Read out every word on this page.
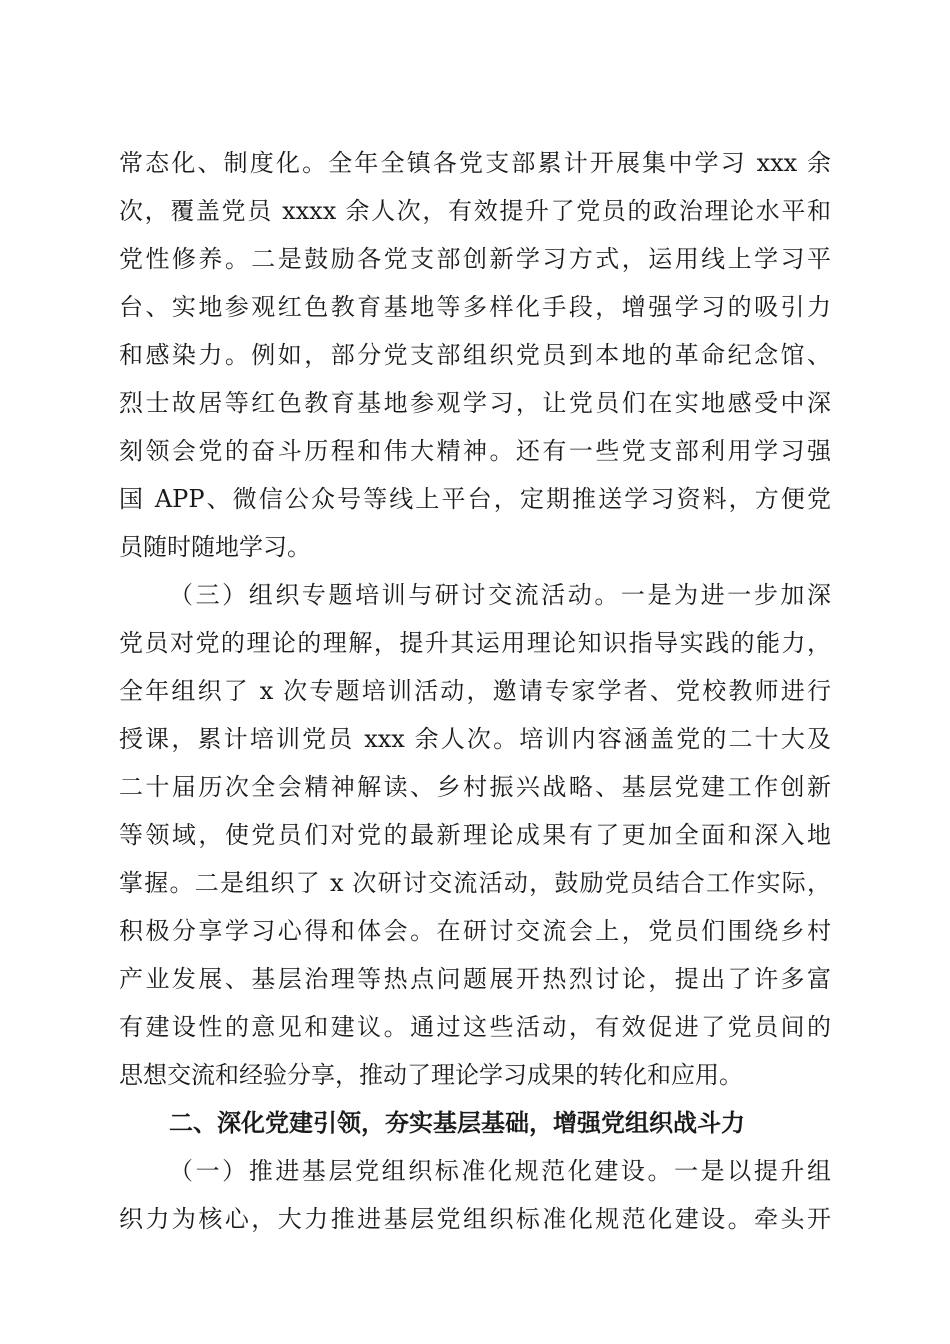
常态化、制度化。全年全镇各党支部累计开展集中学习 xxx 余
次，覆盖党员 xxxx 余人次，有效提升了党员的政治理论水平和
党性修养。二是鼓励各党支部创新学习方式，运用线上学习平
台、实地参观红色教育基地等多样化手段，增强学习的吸引力
和感染力。例如，部分党支部组织党员到本地的革命纪念馆、
烈士故居等红色教育基地参观学习，让党员们在实地感受中深
刻领会党的奋斗历程和伟大精神。还有一些党支部利用学习强
国 APP、微信公众号等线上平台，定期推送学习资料，方便党
员随时随地学习。
（三）组织专题培训与研讨交流活动。一是为进一步加深
党员对党的理论的理解，提升其运用理论知识指导实践的能力，
全年组织了 x 次专题培训活动，邀请专家学者、党校教师进行
授课，累计培训党员 xxx 余人次。培训内容涵盖党的二十大及
二十届历次全会精神解读、乡村振兴战略、基层党建工作创新
等领域，使党员们对党的最新理论成果有了更加全面和深入地
掌握。二是组织了 x 次研讨交流活动，鼓励党员结合工作实际，
积极分享学习心得和体会。在研讨交流会上，党员们围绕乡村
产业发展、基层治理等热点问题展开热烈讨论，提出了许多富
有建设性的意见和建议。通过这些活动，有效促进了党员间的
思想交流和经验分享，推动了理论学习成果的转化和应用。
二、深化党建引领，夯实基层基础，增强党组织战斗力
（一）推进基层党组织标准化规范化建设。一是以提升组
织力为核心，大力推进基层党组织标准化规范化建设。牵头开
